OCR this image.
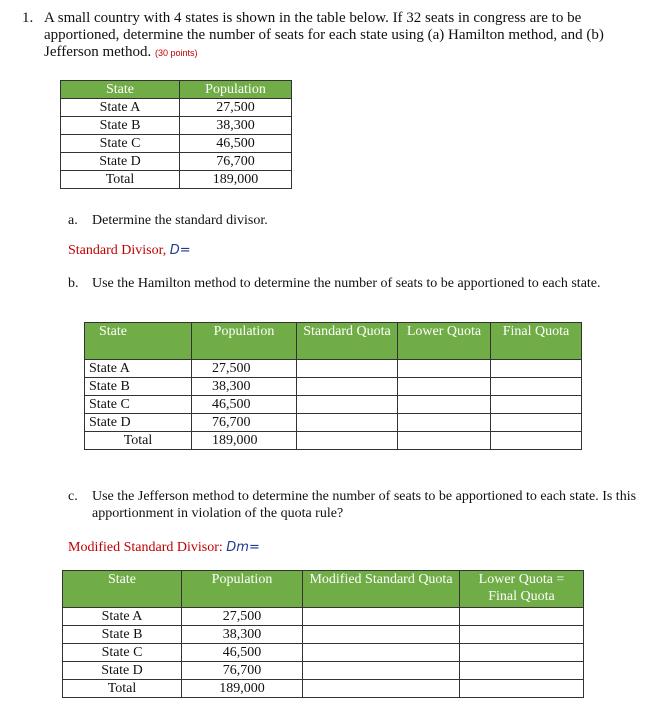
1. A small country with 4 states is shown in the table below. If 32 seats in congress are to be apportioned, determine the number of seats for each state using (a) Hamilton method, and (b) Jefferson method. (30 points)
State	Population
State A	27,500
State B	38,300
State C	46,500
State D	76,700
Total	189,000
a. Determine the standard divisor.
Standard Divisor, D=
b. Use the Hamilton method to determine the number of seats to be apportioned to each state.
State	Population	Standard Quota	Lower Quota	Final Quota
State A	27,500			
State B	38,300			
State C	46,500			
State D	76,700			
Total	189,000			
c. Use the Jefferson method to determine the number of seats to be apportioned to each state. Is this apportionment in violation of the quota rule?
Modified Standard Divisor: Dm=
State	Population	Modified Standard Quota	Lower Quota = Final Quota
State A	27,500		
State B	38,300		
State C	46,500		
State D	76,700		
Total	189,000		
